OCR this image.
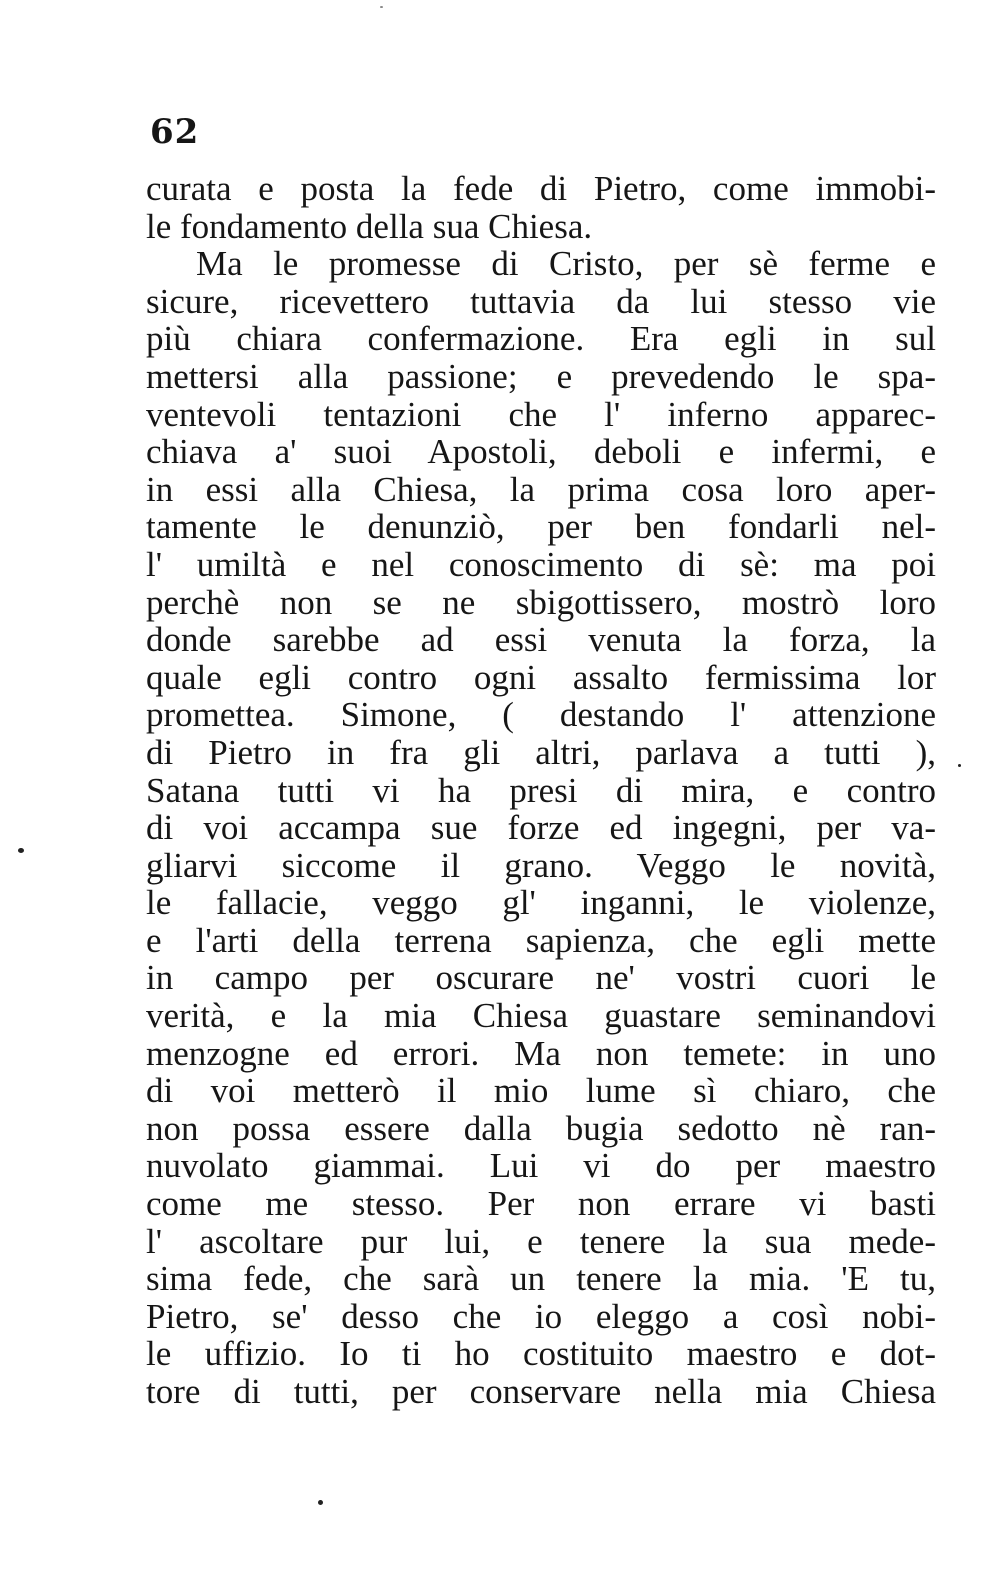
62
curata e posta la fede di Pietro, come immobi-
le fondamento della sua Chiesa.
Ma le promesse di Cristo, per sè ferme e
sicure, ricevettero tuttavia da lui stesso vie
più chiara confermazione. Era egli in sul
mettersi alla passione; e prevedendo le spa-
ventevoli tentazioni che l' inferno apparec-
chiava a' suoi Apostoli, deboli e infermi, e
in essi alla Chiesa, la prima cosa loro aper-
tamente le denunziò, per ben fondarli nel-
l' umiltà e nel conoscimento di sè: ma poi
perchè non se ne sbigottissero, mostrò loro
donde sarebbe ad essi venuta la forza, la
quale egli contro ogni assalto fermissima lor
promettea. Simone, ( destando l' attenzione
di Pietro in fra gli altri, parlava a tutti ),
Satana tutti vi ha presi di mira, e contro
di voi accampa sue forze ed ingegni, per va-
gliarvi siccome il grano. Veggo le novità,
le fallacie, veggo gl' inganni, le violenze,
e l'arti della terrena sapienza, che egli mette
in campo per oscurare ne' vostri cuori le
verità, e la mia Chiesa guastare seminandovi
menzogne ed errori. Ma non temete: in uno
di voi metterò il mio lume sì chiaro, che
non possa essere dalla bugia sedotto nè ran-
nuvolato giammai. Lui vi do per maestro
come me stesso. Per non errare vi basti
l' ascoltare pur lui, e tenere la sua mede-
sima fede, che sarà un tenere la mia. 'E tu,
Pietro, se' desso che io eleggo a così nobi-
le uffizio. Io ti ho costituito maestro e dot-
tore di tutti, per conservare nella mia Chiesa
